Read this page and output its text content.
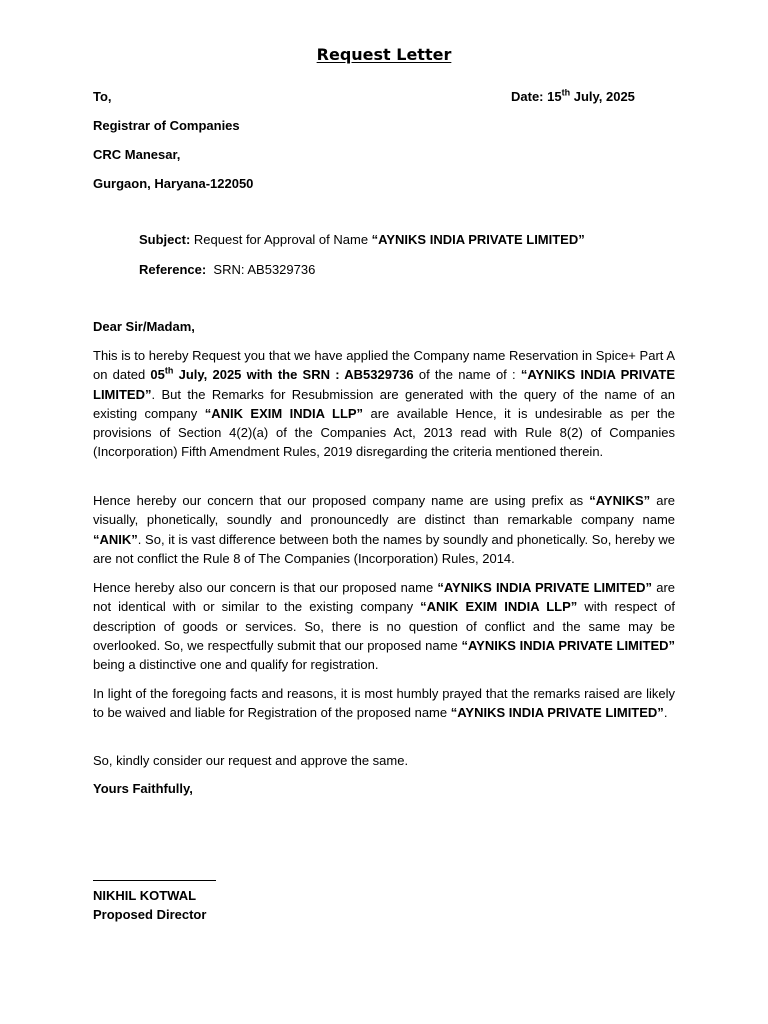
Request Letter
To,	Date: 15th July, 2025
Registrar of Companies
CRC Manesar,
Gurgaon, Haryana-122050
Subject: Request for Approval of Name “AYNIKS INDIA PRIVATE LIMITED”
Reference:  SRN: AB5329736
Dear Sir/Madam,

This is to hereby Request you that we have applied the Company name Reservation in Spice+ Part A on dated 05th July, 2025 with the SRN : AB5329736 of the name of : “AYNIKS INDIA PRIVATE LIMITED”. But the Remarks for Resubmission are generated with the query of the name of an existing company “ANIK EXIM INDIA LLP” are available Hence, it is undesirable as per the provisions of Section 4(2)(a) of the Companies Act, 2013 read with Rule 8(2) of Companies (Incorporation) Fifth Amendment Rules, 2019 disregarding the criteria mentioned therein.

Hence hereby our concern that our proposed company name are using prefix as “AYNIKS” are visually, phonetically, soundly and pronouncedly are distinct than remarkable company name “ANIK”. So, it is vast difference between both the names by soundly and phonetically. So, hereby we are not conflict the Rule 8 of The Companies (Incorporation) Rules, 2014.

Hence hereby also our concern is that our proposed name “AYNIKS INDIA PRIVATE LIMITED” are not identical with or similar to the existing company “ANIK EXIM INDIA LLP” with respect of description of goods or services. So, there is no question of conflict and the same may be overlooked. So, we respectfully submit that our proposed name “AYNIKS INDIA PRIVATE LIMITED” being a distinctive one and qualify for registration.

In light of the foregoing facts and reasons, it is most humbly prayed that the remarks raised are likely to be waived and liable for Registration of the proposed name “AYNIKS INDIA PRIVATE LIMITED”.

So, kindly consider our request and approve the same.
Yours Faithfully,
NIKHIL KOTWAL
Proposed Director
